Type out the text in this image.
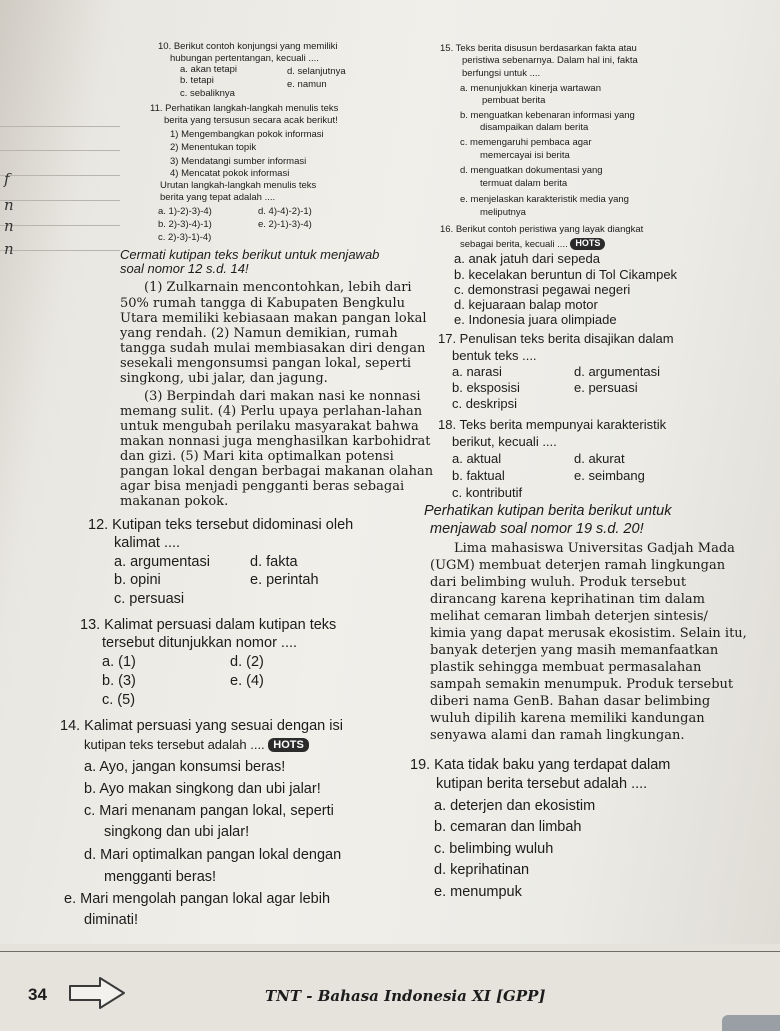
f
n
n
n
10. Berikut contoh konjungsi yang memiliki
hubungan pertentangan, kecuali ....
a. akan tetapi	d. selanjutnya
b. tetapi	e. namun
c. sebaliknya
11. Perhatikan langkah-langkah menulis teks
berita yang tersusun secara acak berikut!
1) Mengembangkan pokok informasi
2) Menentukan topik
3) Mendatangi sumber informasi
4) Mencatat pokok informasi
Urutan langkah-langkah menulis teks
berita yang tepat adalah ....
a. 1)-2)-3)-4)	d. 4)-4)-2)-1)
b. 2)-3)-4)-1)	e. 2)-1)-3)-4)
c. 2)-3)-1)-4)
Cermati kutipan teks berikut untuk menjawab
soal nomor 12 s.d. 14!
(1) Zulkarnain mencontohkan, lebih dari
50% rumah tangga di Kabupaten Bengkulu
Utara memiliki kebiasaan makan pangan lokal
yang rendah. (2) Namun demikian, rumah
tangga sudah mulai membiasakan diri dengan
sesekali mengonsumsi pangan lokal, seperti
singkong, ubi jalar, dan jagung.
(3) Berpindah dari makan nasi ke nonnasi
memang sulit. (4) Perlu upaya perlahan-lahan
untuk mengubah perilaku masyarakat bahwa
makan nonnasi juga menghasilkan karbohidrat
dan gizi. (5) Mari kita optimalkan potensi
pangan lokal dengan berbagai makanan olahan
agar bisa menjadi pengganti beras sebagai
makanan pokok.
12. Kutipan teks tersebut didominasi oleh
kalimat ....
a. argumentasi	d. fakta
b. opini	e. perintah
c. persuasi
13. Kalimat persuasi dalam kutipan teks
tersebut ditunjukkan nomor ....
a. (1)	d. (2)
b. (3)	e. (4)
c. (5)
14. Kalimat persuasi yang sesuai dengan isi
kutipan teks tersebut adalah .... HOTS
a. Ayo, jangan konsumsi beras!
b. Ayo makan singkong dan ubi jalar!
c. Mari menanam pangan lokal, seperti
singkong dan ubi jalar!
d. Mari optimalkan pangan lokal dengan
mengganti beras!
e. Mari mengolah pangan lokal agar lebih
diminati!
15. Teks berita disusun berdasarkan fakta atau
peristiwa sebenarnya. Dalam hal ini, fakta
berfungsi untuk ....
a. menunjukkan kinerja wartawan
pembuat berita
b. menguatkan kebenaran informasi yang
disampaikan dalam berita
c. memengaruhi pembaca agar
memercayai isi berita
d. menguatkan dokumentasi yang
termuat dalam berita
e. menjelaskan karakteristik media yang
meliputnya
16. Berikut contoh peristiwa yang layak diangkat
sebagai berita, kecuali .... HOTS
a. anak jatuh dari sepeda
b. kecelakan beruntun di Tol Cikampek
c. demonstrasi pegawai negeri
d. kejuaraan balap motor
e. Indonesia juara olimpiade
17. Penulisan teks berita disajikan dalam
bentuk teks ....
a. narasi	d. argumentasi
b. eksposisi	e. persuasi
c. deskripsi
18. Teks berita mempunyai karakteristik
berikut, kecuali ....
a. aktual	d. akurat
b. faktual	e. seimbang
c. kontributif
Perhatikan kutipan berita berikut untuk
menjawab soal nomor 19 s.d. 20!
Lima mahasiswa Universitas Gadjah Mada
(UGM) membuat deterjen ramah lingkungan
dari belimbing wuluh. Produk tersebut
dirancang karena keprihatinan tim dalam
melihat cemaran limbah deterjen sintesis/
kimia yang dapat merusak ekosistim. Selain itu,
banyak deterjen yang masih memanfaatkan
plastik sehingga membuat permasalahan
sampah semakin menumpuk. Produk tersebut
diberi nama GenB. Bahan dasar belimbing
wuluh dipilih karena memiliki kandungan
senyawa alami dan ramah lingkungan.
19. Kata tidak baku yang terdapat dalam
kutipan berita tersebut adalah ....
a. deterjen dan ekosistim
b. cemaran dan limbah
c. belimbing wuluh
d. keprihatinan
e. menumpuk
34	TNT - Bahasa Indonesia XI [GPP]
